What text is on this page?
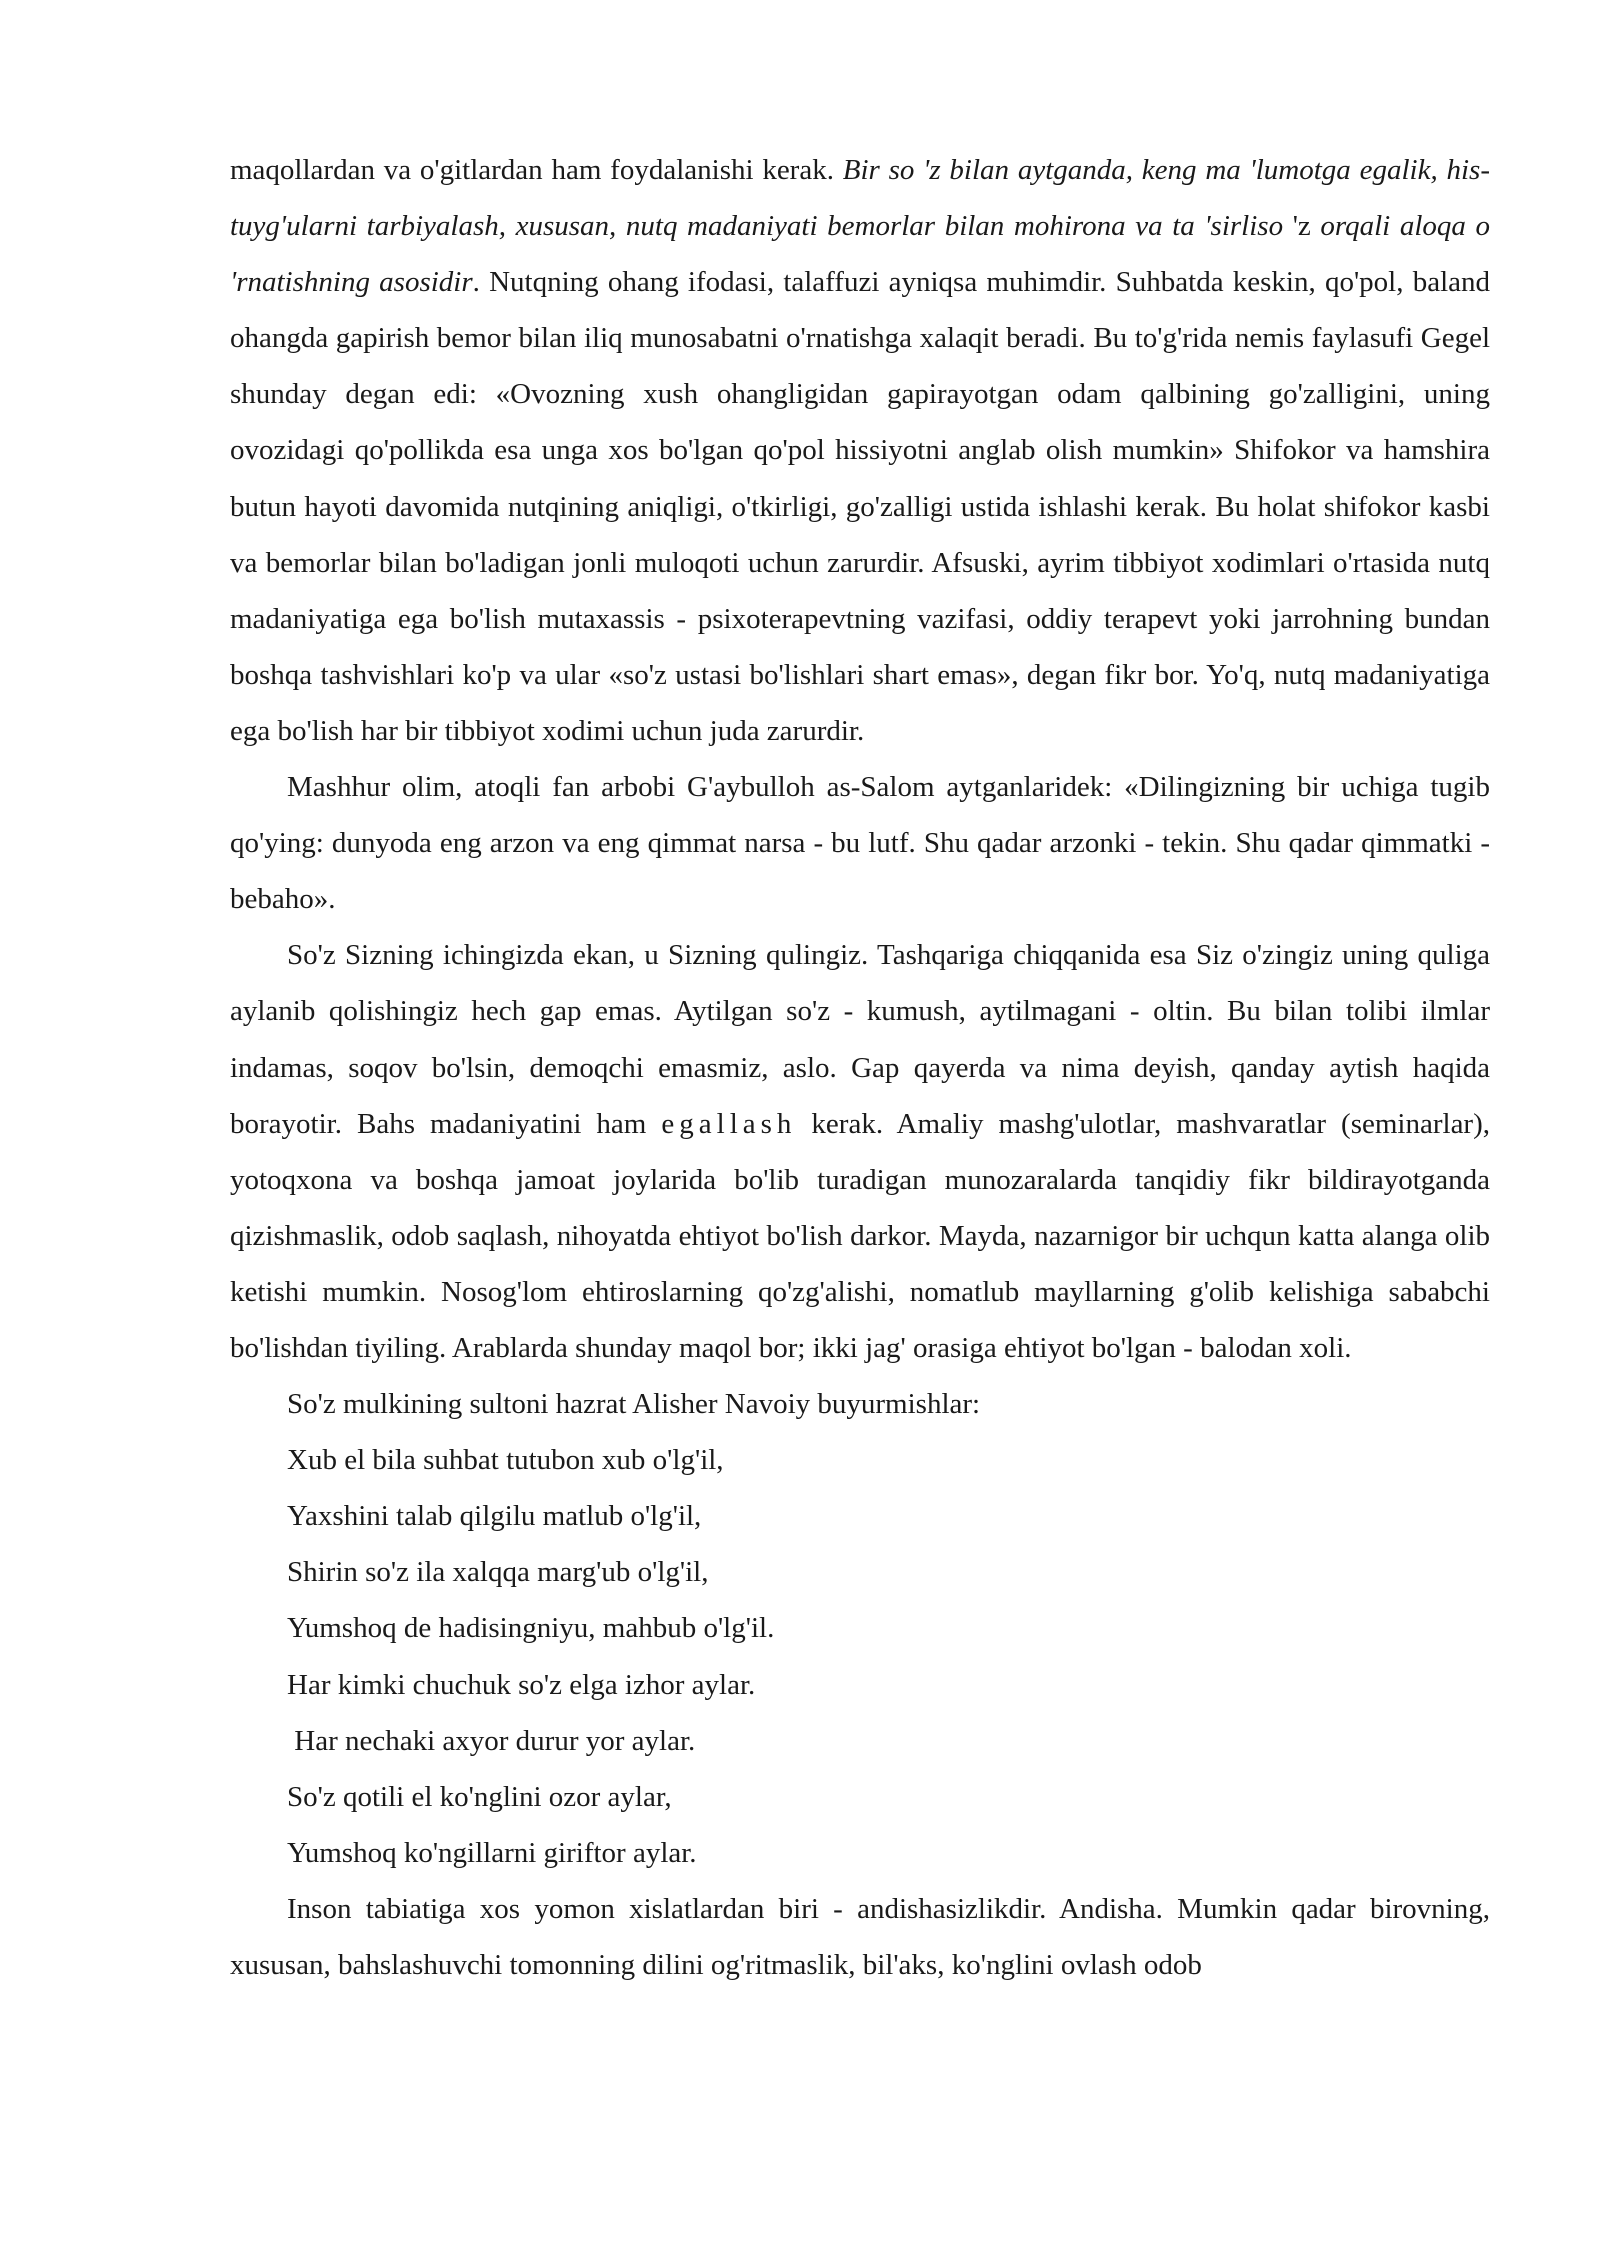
maqollardan va o'gitlardan ham foydalanishi kerak. Bir so 'z bilan aytganda, keng ma 'lumotga egalik, his-tuyg'ularni tarbiyalash, xususan, nutq madaniyati bemorlar bilan mohirona va ta 'sirliso 'z orqali aloqa o 'rnatishning asosidir. Nutqning ohang ifodasi, talaffuzi ayniqsa muhimdir. Suhbatda keskin, qo'pol, baland ohangda gapirish bemor bilan iliq munosabatni o'rnatishga xalaqit beradi. Bu to'g'rida nemis faylasufi Gegel shunday degan edi: «Ovozning xush ohangligidan gapirayotgan odam qalbining go'zalligini, uning ovozidagi qo'pollikda esa unga xos bo'lgan qo'pol hissiyotni anglab olish mumkin» Shifokor va hamshira butun hayoti davomida nutqining aniqligi, o'tkirligi, go'zalligi ustida ishlashi kerak. Bu holat shifokor kasbi va bemorlar bilan bo'ladigan jonli muloqoti uchun zarurdir. Afsuski, ayrim tibbiyot xodimlari o'rtasida nutq madaniyatiga ega bo'lish mutaxassis - psixoterapevtning vazifasi, oddiy terapevt yoki jarrohning bundan boshqa tashvishlari ko'p va ular «so'z ustasi bo'lishlari shart emas», degan fikr bor. Yo'q, nutq madaniyatiga ega bo'lish har bir tibbiyot xodimi uchun juda zarurdir.

Mashhur olim, atoqli fan arbobi G'aybulloh as-Salom aytganlaridek: «Dilingizning bir uchiga tugib qo'ying: dunyoda eng arzon va eng qimmat narsa - bu lutf. Shu qadar arzonki - tekin. Shu qadar qimmatki - bebaho».

So'z Sizning ichingizda ekan, u Sizning qulingiz. Tashqariga chiqqanida esa Siz o'zingiz uning quliga aylanib qolishingiz hech gap emas. Aytilgan so'z - kumush, aytilmagani - oltin. Bu bilan tolibi ilmlar indamas, soqov bo'lsin, demoqchi emasmiz, aslo. Gap qayerda va nima deyish, qanday aytish haqida borayotir. Bahs madaniyatini ham egallash kerak. Amaliy mashg'ulotlar, mashvaratlar (seminarlar), yotoqxona va boshqa jamoat joylarida bo'lib turadigan munozaralarda tanqidiy fikr bildirayotganda qizishmaslik, odob saqlash, nihoyatda ehtiyot bo'lish darkor. Mayda, nazarnigor bir uchqun katta alanga olib ketishi mumkin. Nosog'lom ehtiroslarning qo'zg'alishi, nomatlub mayllarning g'olib kelishiga sababchi bo'lishdan tiyiling. Arablarda shunday maqol bor; ikki jag' orasiga ehtiyot bo'lgan - balodan xoli.

So'z mulkining sultoni hazrat Alisher Navoiy buyurmishlar:

Xub el bila suhbat tutubon xub o'lg'il,

Yaxshini talab qilgilu matlub o'lg'il,

Shirin so'z ila xalqqa marg'ub o'lg'il,

Yumshoq de hadisingniyu, mahbub o'lg'il.

Har kimki chuchuk so'z elga izhor aylar.

Har nechaki axyor durur yor aylar.

So'z qotili el ko'nglini ozor aylar,

Yumshoq ko'ngillarni giriftor aylar.

Inson tabiatiga xos yomon xislatlardan biri - andishasizlikdir. Andisha. Mumkin qadar birovning, xususan, bahslashuvchi tomonning dilini og'ritmaslik, bil'aks, ko'nglini ovlash odob
